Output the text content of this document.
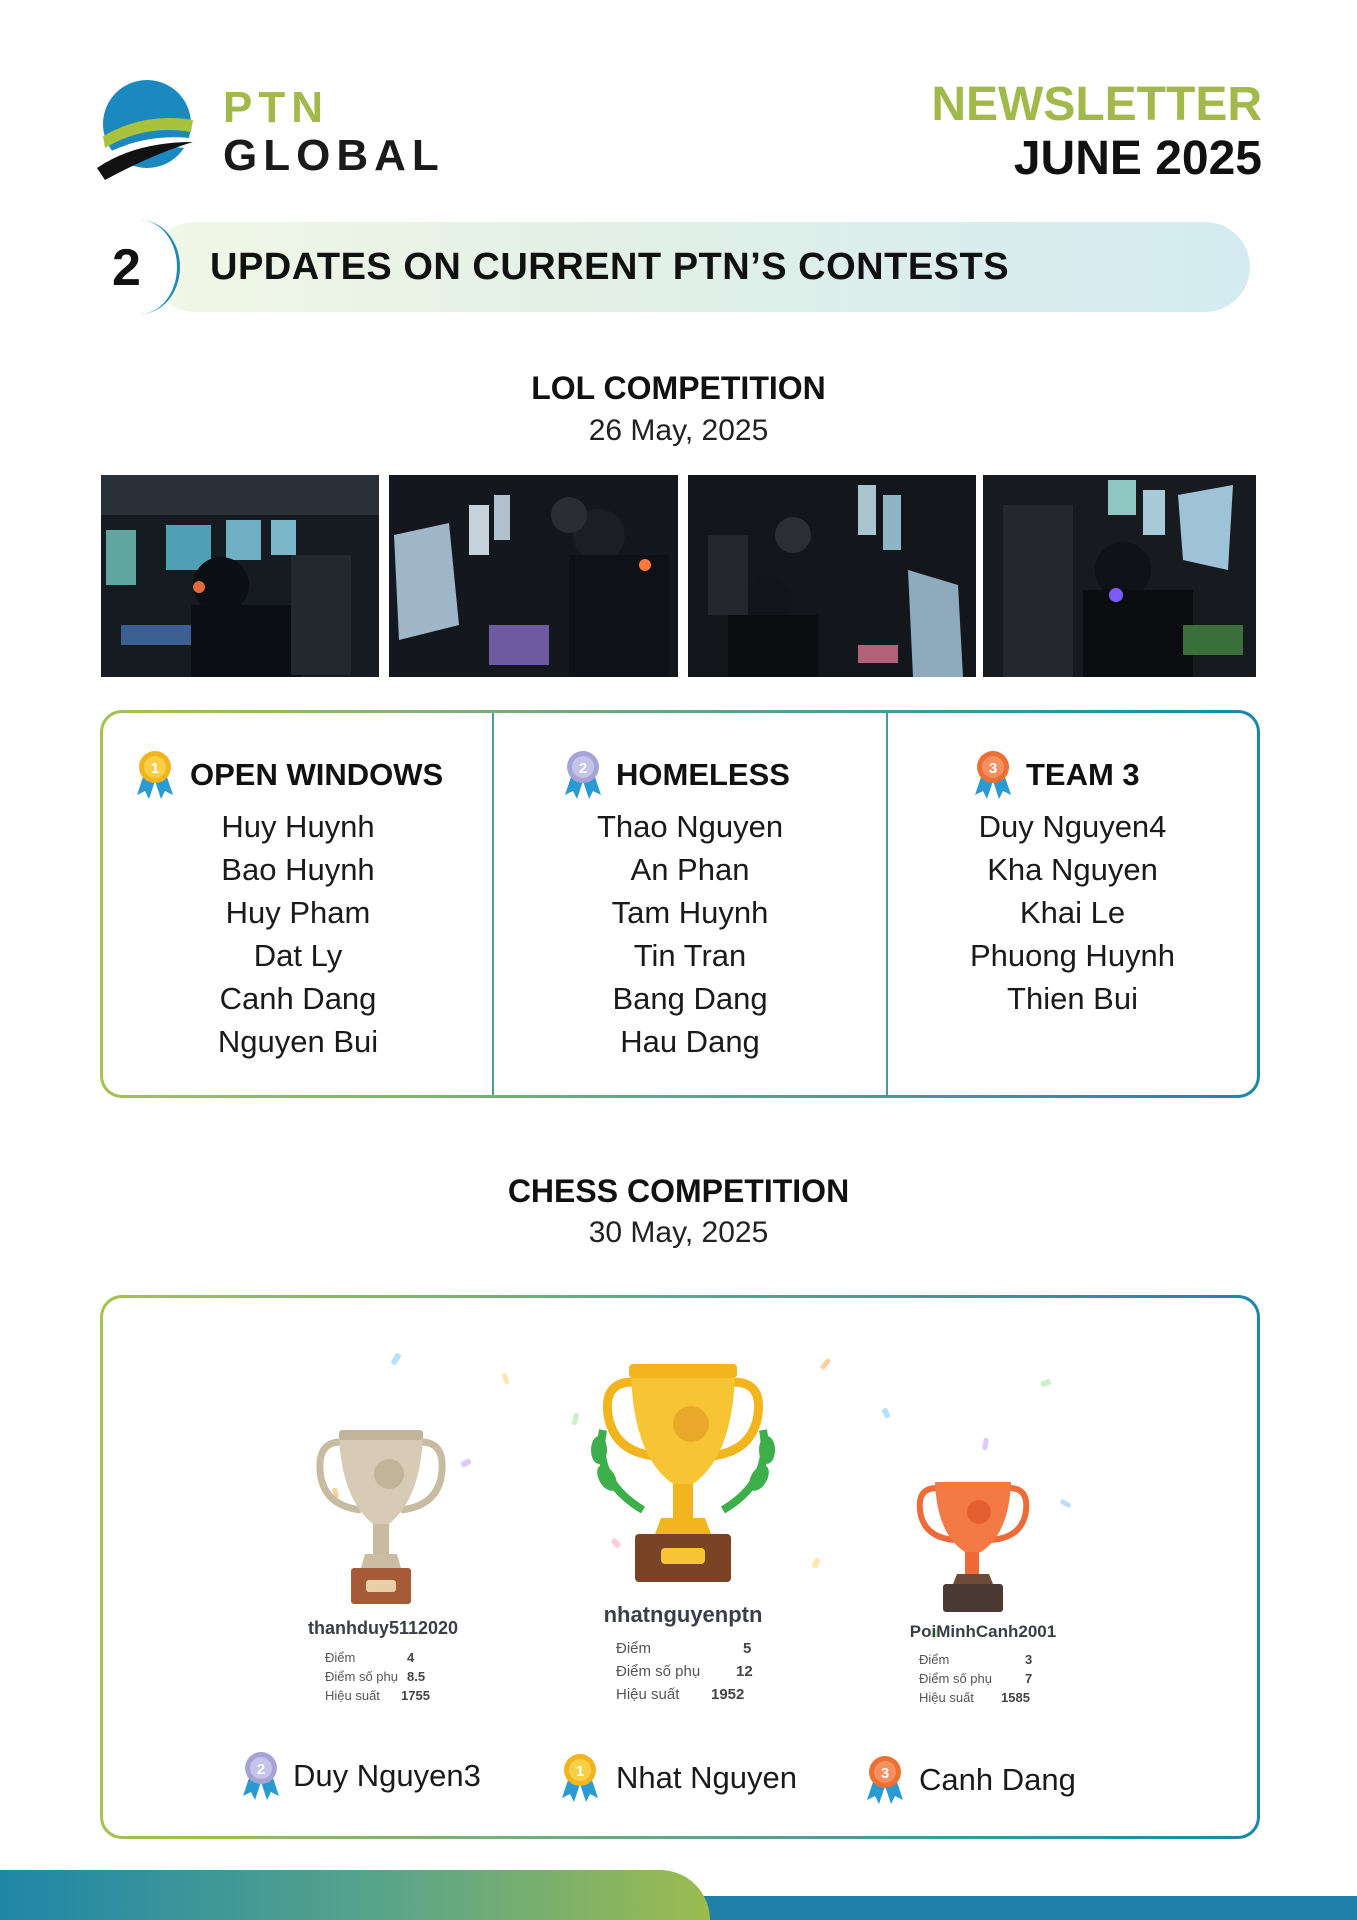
PTN
GLOBAL
NEWSLETTER
JUNE 2025
2 UPDATES ON CURRENT PTN’S CONTESTS
LOL COMPETITION
26 May, 2025
1 OPEN WINDOWS
Huy Huynh
Bao Huynh
Huy Pham
Dat Ly
Canh Dang
Nguyen Bui
2 HOMELESS
Thao Nguyen
An Phan
Tam Huynh
Tin Tran
Bang Dang
Hau Dang
3 TEAM 3
Duy Nguyen4
Kha Nguyen
Khai Le
Phuong Huynh
Thien Bui
CHESS COMPETITION
30 May, 2025
thanhduy5112020
Điểm	4
Điểm số phụ 8.5
Hiệu suất 1755
nhatnguyenptn
Điểm	5
Điểm số phụ 12
Hiệu suất 1952
PoiMinhCanh2001
Điểm	3
Điểm số phụ	7
Hiệu suất 1585
2 Duy Nguyen3	1 Nhat Nguyen	3 Canh Dang
